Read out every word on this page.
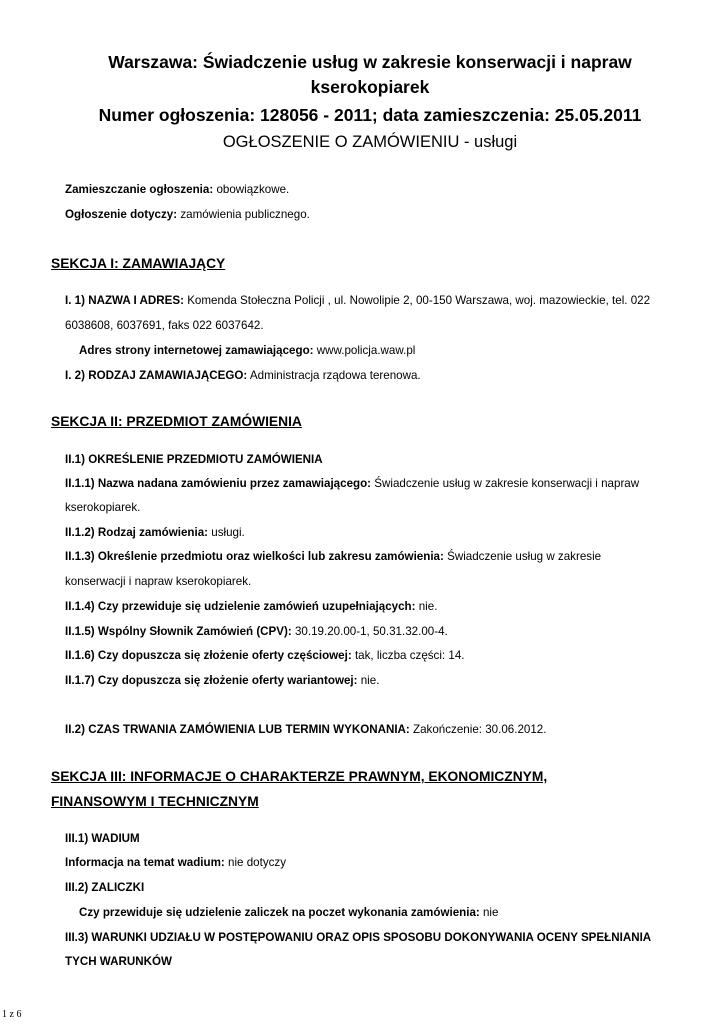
Warszawa: Świadczenie usług w zakresie konserwacji i napraw
kserokopiarek
Numer ogłoszenia: 128056 - 2011; data zamieszczenia: 25.05.2011
OGŁOSZENIE O ZAMÓWIENIU - usługi
Zamieszczanie ogłoszenia: obowiązkowe.
Ogłoszenie dotyczy: zamówienia publicznego.
SEKCJA I: ZAMAWIAJĄCY
I. 1) NAZWA I ADRES: Komenda Stołeczna Policji , ul. Nowolipie 2, 00-150 Warszawa, woj. mazowieckie, tel. 022
6038608, 6037691, faks 022 6037642.
Adres strony internetowej zamawiającego: www.policja.waw.pl
I. 2) RODZAJ ZAMAWIAJĄCEGO: Administracja rządowa terenowa.
SEKCJA II: PRZEDMIOT ZAMÓWIENIA
II.1) OKREŚLENIE PRZEDMIOTU ZAMÓWIENIA
II.1.1) Nazwa nadana zamówieniu przez zamawiającego: Świadczenie usług w zakresie konserwacji i napraw
kserokopiarek.
II.1.2) Rodzaj zamówienia: usługi.
II.1.3) Określenie przedmiotu oraz wielkości lub zakresu zamówienia: Świadczenie usług w zakresie
konserwacji i napraw kserokopiarek.
II.1.4) Czy przewiduje się udzielenie zamówień uzupełniających: nie.
II.1.5) Wspólny Słownik Zamówień (CPV): 30.19.20.00-1, 50.31.32.00-4.
II.1.6) Czy dopuszcza się złożenie oferty częściowej: tak, liczba części: 14.
II.1.7) Czy dopuszcza się złożenie oferty wariantowej: nie.
II.2) CZAS TRWANIA ZAMÓWIENIA LUB TERMIN WYKONANIA: Zakończenie: 30.06.2012.
SEKCJA III: INFORMACJE O CHARAKTERZE PRAWNYM, EKONOMICZNYM,
FINANSOWYM I TECHNICZNYM
III.1) WADIUM
Informacja na temat wadium: nie dotyczy
III.2) ZALICZKI
Czy przewiduje się udzielenie zaliczek na poczet wykonania zamówienia: nie
III.3) WARUNKI UDZIAŁU W POSTĘPOWANIU ORAZ OPIS SPOSOBU DOKONYWANIA OCENY SPEŁNIANIA
TYCH WARUNKÓW
1 z 6
